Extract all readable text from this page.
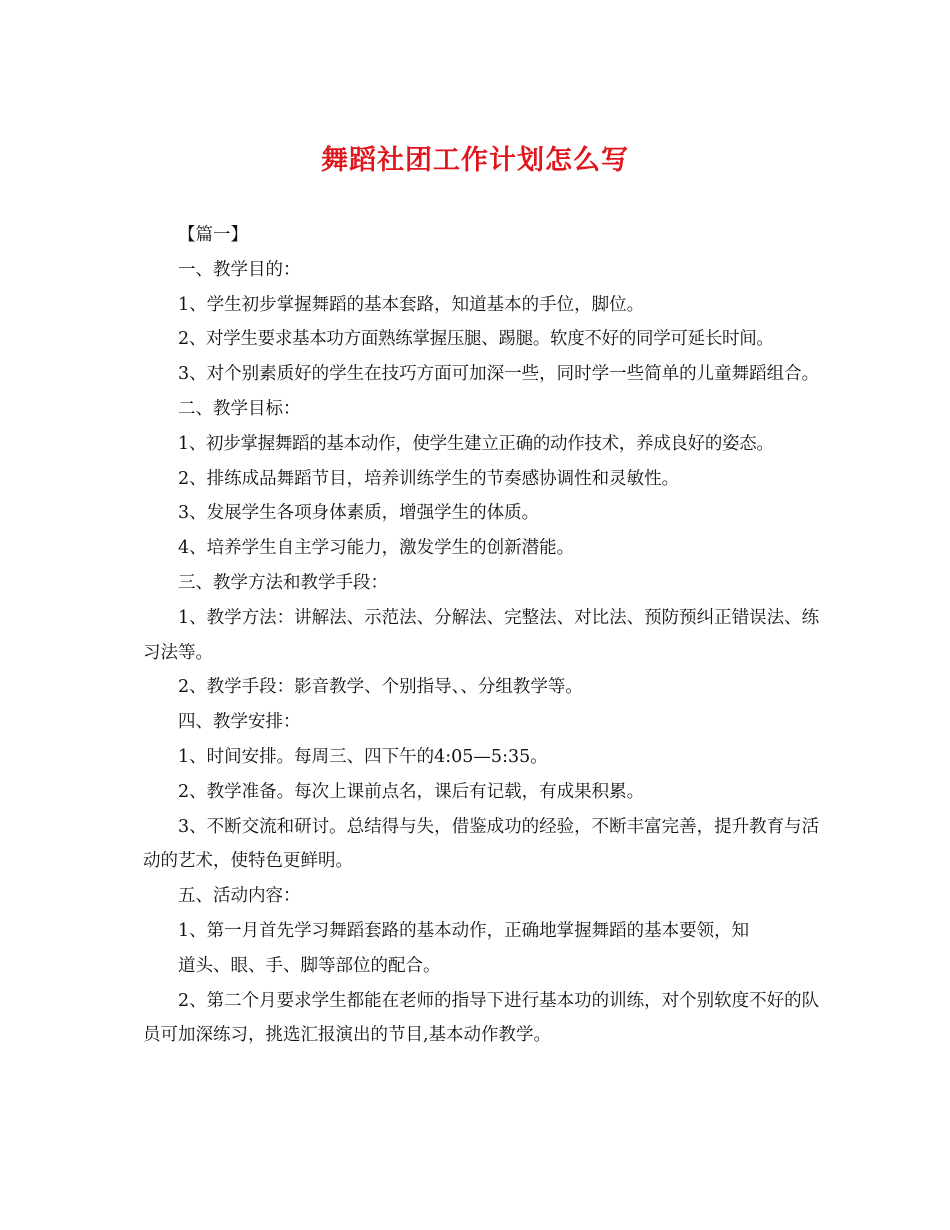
舞蹈社团工作计划怎么写

【篇一】

一、教学目的：

1、学生初步掌握舞蹈的基本套路，知道基本的手位，脚位。

2、对学生要求基本功方面熟练掌握压腿、踢腿。软度不好的同学可延长时间。

3、对个别素质好的学生在技巧方面可加深一些，同时学一些简单的儿童舞蹈组合。

二、教学目标：

1、初步掌握舞蹈的基本动作，使学生建立正确的动作技术，养成良好的姿态。

2、排练成品舞蹈节目，培养训练学生的节奏感协调性和灵敏性。

3、发展学生各项身体素质，增强学生的体质。

4、培养学生自主学习能力，激发学生的创新潜能。

三、教学方法和教学手段：

1、教学方法：讲解法、示范法、分解法、完整法、对比法、预防预纠正错误法、练习法等。

2、教学手段：影音教学、个别指导、、分组教学等。

四、教学安排：

1、时间安排。每周三、四下午的4:05—5:35。

2、教学准备。每次上课前点名，课后有记载，有成果积累。

3、不断交流和研讨。总结得与失，借鉴成功的经验，不断丰富完善，提升教育与活动的艺术，使特色更鲜明。

五、活动内容：

1、第一月首先学习舞蹈套路的基本动作，正确地掌握舞蹈的基本要领，知

道头、眼、手、脚等部位的配合。

2、第二个月要求学生都能在老师的指导下进行基本功的训练，对个别软度不好的队员可加深练习，挑选汇报演出的节目,基本动作教学。
